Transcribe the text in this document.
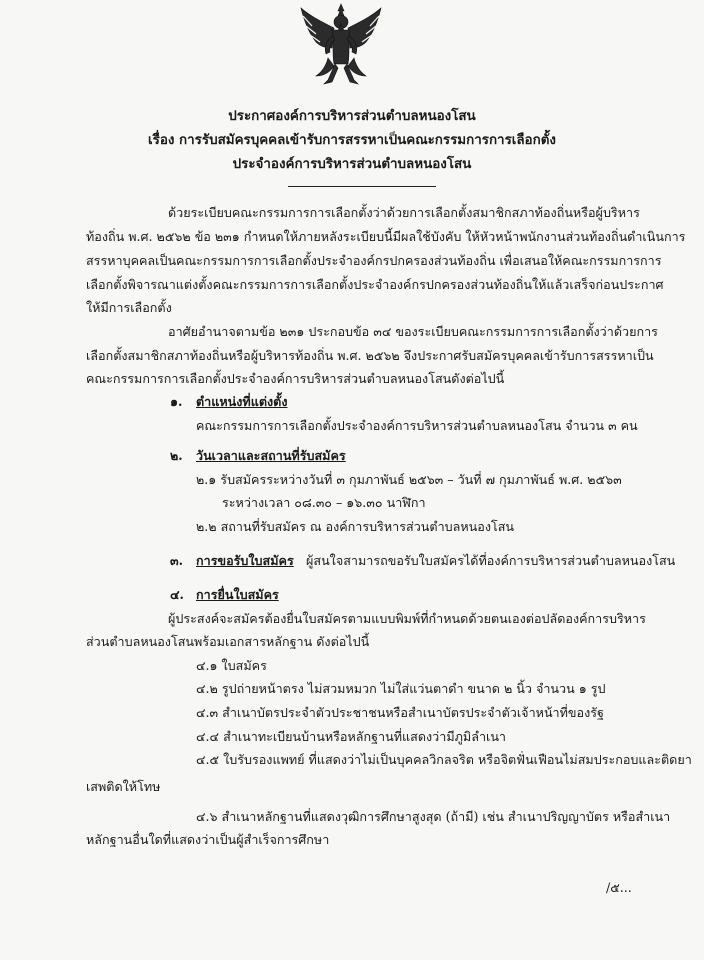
ประกาศองค์การบริหารส่วนตำบลหนองโสน
เรื่อง การรับสมัครบุคคลเข้ารับการสรรหาเป็นคณะกรรมการการเลือกตั้ง
ประจำองค์การบริหารส่วนตำบลหนองโสน
ด้วยระเบียบคณะกรรมการการเลือกตั้งว่าด้วยการเลือกตั้งสมาชิกสภาท้องถิ่นหรือผู้บริหาร
ท้องถิ่น พ.ศ. ๒๕๖๒ ข้อ ๒๓๑ กำหนดให้ภายหลังระเบียบนี้มีผลใช้บังคับ ให้หัวหน้าพนักงานส่วนท้องถิ่นดำเนินการ
สรรหาบุคคลเป็นคณะกรรมการการเลือกตั้งประจำองค์กรปกครองส่วนท้องถิ่น เพื่อเสนอให้คณะกรรมการการ
เลือกตั้งพิจารณาแต่งตั้งคณะกรรมการการเลือกตั้งประจำองค์กรปกครองส่วนท้องถิ่นให้แล้วเสร็จก่อนประกาศ
ให้มีการเลือกตั้ง
อาศัยอำนาจตามข้อ ๒๓๑ ประกอบข้อ ๓๔ ของระเบียบคณะกรรมการการเลือกตั้งว่าด้วยการ
เลือกตั้งสมาชิกสภาท้องถิ่นหรือผู้บริหารท้องถิ่น พ.ศ. ๒๕๖๒ จึงประกาศรับสมัครบุคคลเข้ารับการสรรหาเป็น
คณะกรรมการการเลือกตั้งประจำองค์การบริหารส่วนตำบลหนองโสนดังต่อไปนี้
๑. ตำแหน่งที่แต่งตั้ง
คณะกรรมการการเลือกตั้งประจำองค์การบริหารส่วนตำบลหนองโสน จำนวน ๓ คน
๒. วันเวลาและสถานที่รับสมัคร
๒.๑ รับสมัครระหว่างวันที่ ๓ กุมภาพันธ์ ๒๕๖๓ – วันที่ ๗ กุมภาพันธ์ พ.ศ. ๒๕๖๓
ระหว่างเวลา ๐๘.๓๐ – ๑๖.๓๐ นาฬิกา
๒.๒ สถานที่รับสมัคร ณ องค์การบริหารส่วนตำบลหนองโสน
๓. การขอรับใบสมัคร ผู้สนใจสามารถขอรับใบสมัครได้ที่องค์การบริหารส่วนตำบลหนองโสน
๔. การยื่นใบสมัคร
ผู้ประสงค์จะสมัครต้องยื่นใบสมัครตามแบบพิมพ์ที่กำหนดด้วยตนเองต่อปลัดองค์การบริหาร
ส่วนตำบลหนองโสนพร้อมเอกสารหลักฐาน ดังต่อไปนี้
๔.๑ ใบสมัคร
๔.๒ รูปถ่ายหน้าตรง ไม่สวมหมวก ไม่ใส่แว่นตาดำ ขนาด ๒ นิ้ว จำนวน ๑ รูป
๔.๓ สำเนาบัตรประจำตัวประชาชนหรือสำเนาบัตรประจำตัวเจ้าหน้าที่ของรัฐ
๔.๔ สำเนาทะเบียนบ้านหรือหลักฐานที่แสดงว่ามีภูมิลำเนา
๔.๕ ใบรับรองแพทย์ ที่แสดงว่าไม่เป็นบุคคลวิกลจริต หรือจิตฟั่นเฟือนไม่สมประกอบและติดยา
เสพติดให้โทษ
๔.๖ สำเนาหลักฐานที่แสดงวุฒิการศึกษาสูงสุด (ถ้ามี) เช่น สำเนาปริญญาบัตร หรือสำเนา
หลักฐานอื่นใดที่แสดงว่าเป็นผู้สำเร็จการศึกษา
/๕...
